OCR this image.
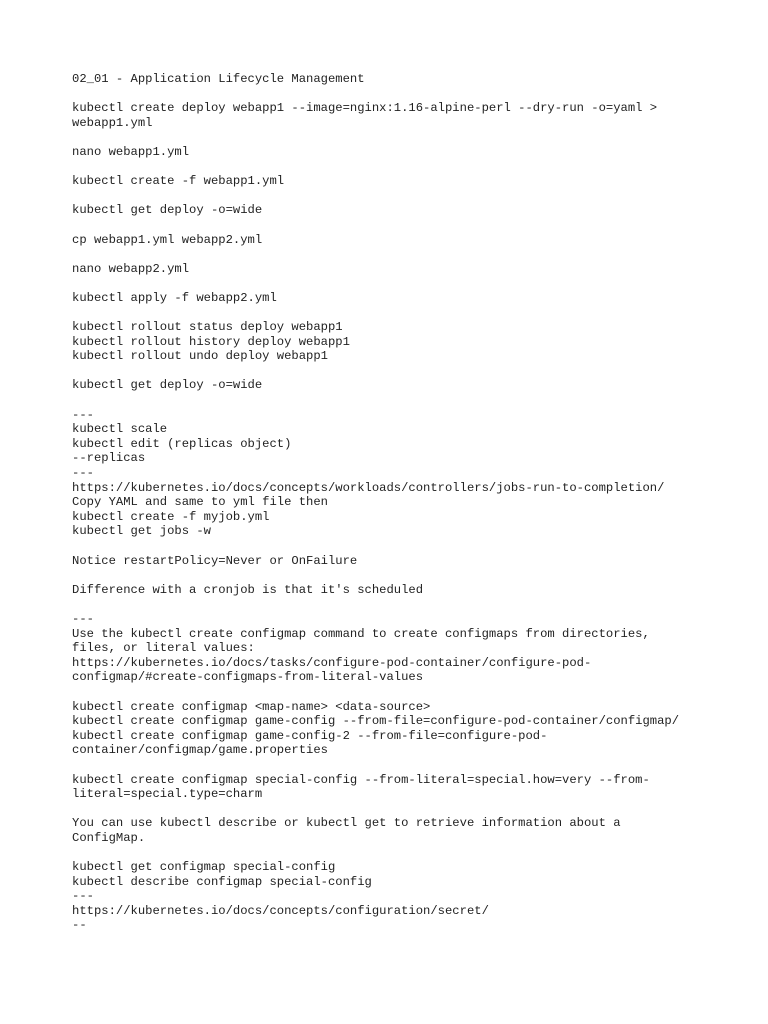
02_01 - Application Lifecycle Management
kubectl create deploy webapp1 --image=nginx:1.16-alpine-perl --dry-run -o=yaml >
webapp1.yml
nano webapp1.yml
kubectl create -f webapp1.yml
kubectl get deploy -o=wide
cp webapp1.yml webapp2.yml
nano webapp2.yml
kubectl apply -f webapp2.yml
kubectl rollout status deploy webapp1
kubectl rollout history deploy webapp1
kubectl rollout undo deploy webapp1
kubectl get deploy -o=wide
---
kubectl scale
kubectl edit (replicas object)
--replicas
---
https://kubernetes.io/docs/concepts/workloads/controllers/jobs-run-to-completion/
Copy YAML and same to yml file then
kubectl create -f myjob.yml
kubectl get jobs -w
Notice restartPolicy=Never or OnFailure
Difference with a cronjob is that it's scheduled
---
Use the kubectl create configmap command to create configmaps from directories,
files, or literal values:
https://kubernetes.io/docs/tasks/configure-pod-container/configure-pod-
configmap/#create-configmaps-from-literal-values
kubectl create configmap <map-name> <data-source>
kubectl create configmap game-config --from-file=configure-pod-container/configmap/
kubectl create configmap game-config-2 --from-file=configure-pod-
container/configmap/game.properties
kubectl create configmap special-config --from-literal=special.how=very --from-
literal=special.type=charm
You can use kubectl describe or kubectl get to retrieve information about a
ConfigMap.
kubectl get configmap special-config
kubectl describe configmap special-config
---
https://kubernetes.io/docs/concepts/configuration/secret/
--
